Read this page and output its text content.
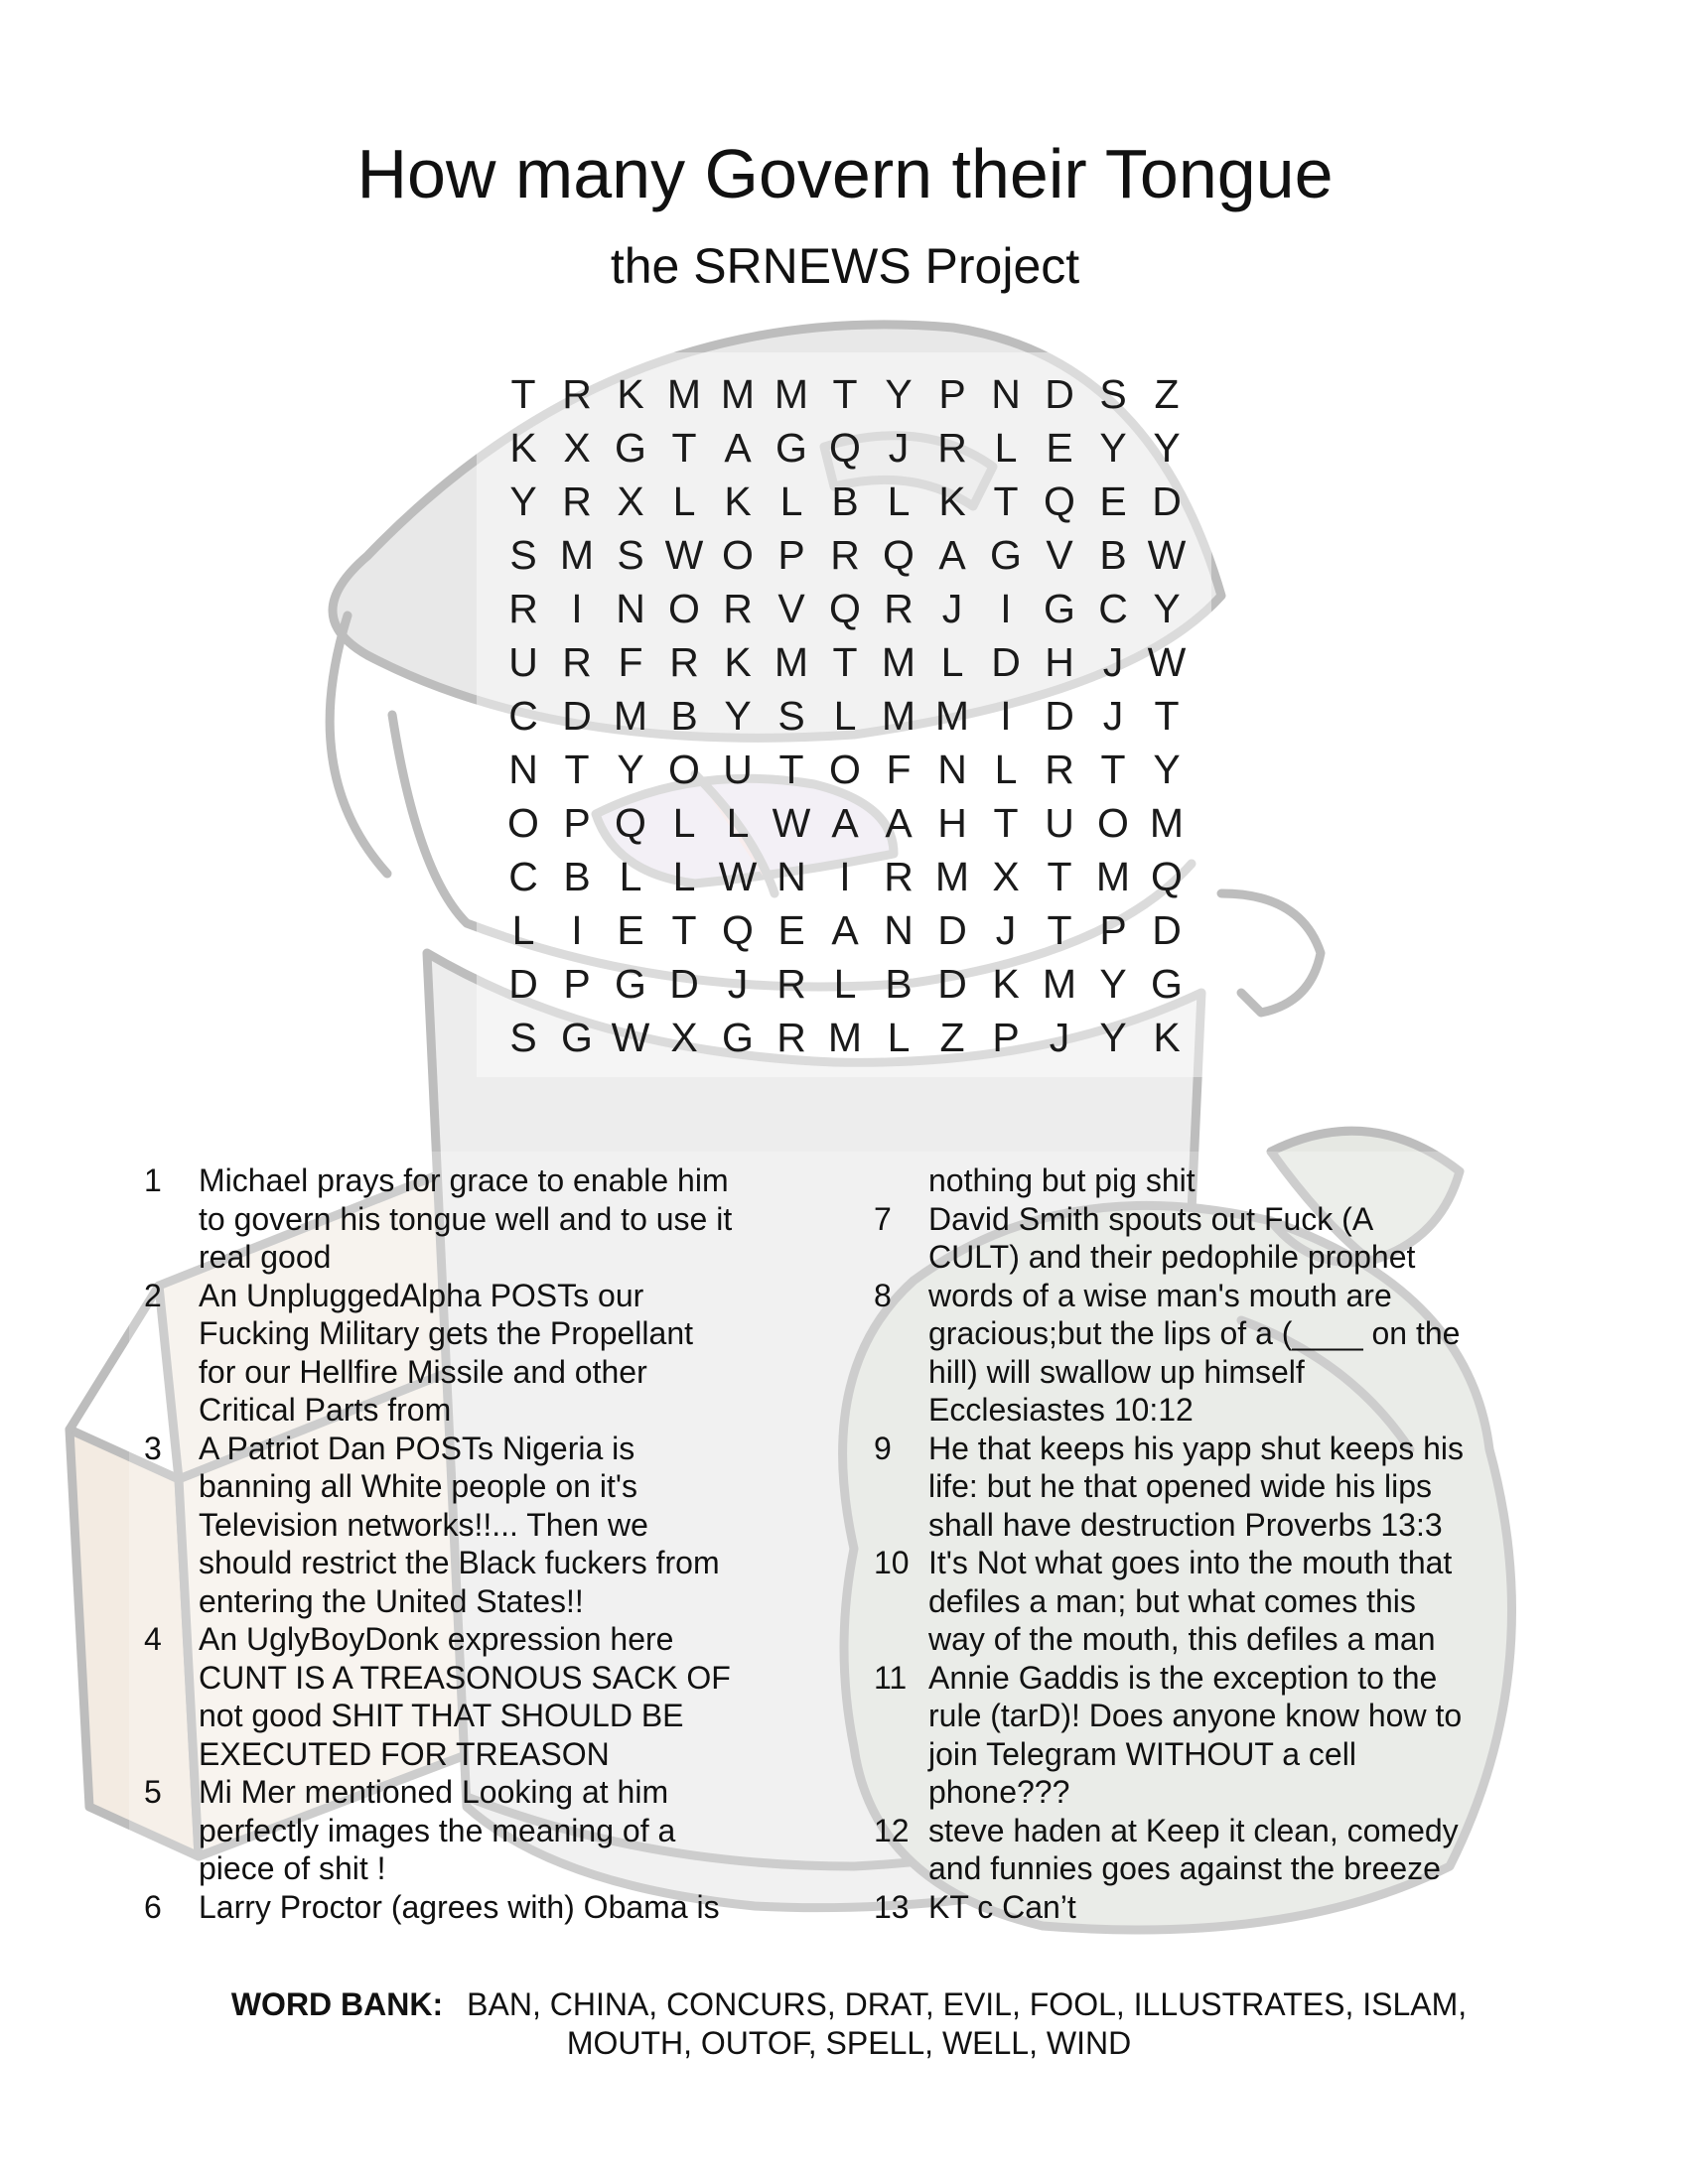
How many Govern their Tongue
the SRNEWS Project
T R K M M M T Y P N D S Z
K X G T A G Q J R L E Y Y
Y R X L K L B L K T Q E D
S M S W O P R Q A G V B W
R I N O R V Q R J I G C Y
U R F R K M T M L D H J W
C D M B Y S L M M I D J T
N T Y O U T O F N L R T Y
O P Q L L W A A H T U O M
C B L L W N I R M X T M Q
L I E T Q E A N D J T P D
D P G D J R L B D K M Y G
S G W X G R M L Z P J Y K
1	Michael prays for grace to enable him
to govern his tongue well and to use it
real good
2	An UnpluggedAlpha POSTs our
Fucking Military gets the Propellant
for our Hellfire Missile and other
Critical Parts from
3	A Patriot Dan POSTs Nigeria is
banning all White people on it's
Television networks!!... Then we
should restrict the Black fuckers from
entering the United States!!
4	An UglyBoyDonk expression here
CUNT IS A TREASONOUS SACK OF
not good SHIT THAT SHOULD BE
EXECUTED FOR TREASON
5	Mi Mer mentioned Looking at him
perfectly images the meaning of a
piece of shit !
6	Larry Proctor (agrees with) Obama is
nothing but pig shit
7	David Smith spouts out Fuck (A
CULT) and their pedophile prophet
8	words of a wise man's mouth are
gracious;but the lips of a (____ on the
hill) will swallow up himself
Ecclesiastes 10:12
9	He that keeps his yapp shut keeps his
life: but he that opened wide his lips
shall have destruction Proverbs 13:3
10 It's Not what goes into the mouth that
defiles a man; but what comes this
way of the mouth, this defiles a man
11 Annie Gaddis is the exception to the
rule (tarD)! Does anyone know how to
join Telegram WITHOUT a cell
phone???
12 steve haden at Keep it clean, comedy
and funnies goes against the breeze
13 KT c Can’t
WORD BANK: BAN, CHINA, CONCURS, DRAT, EVIL, FOOL, ILLUSTRATES, ISLAM,
MOUTH, OUTOF, SPELL, WELL, WIND
